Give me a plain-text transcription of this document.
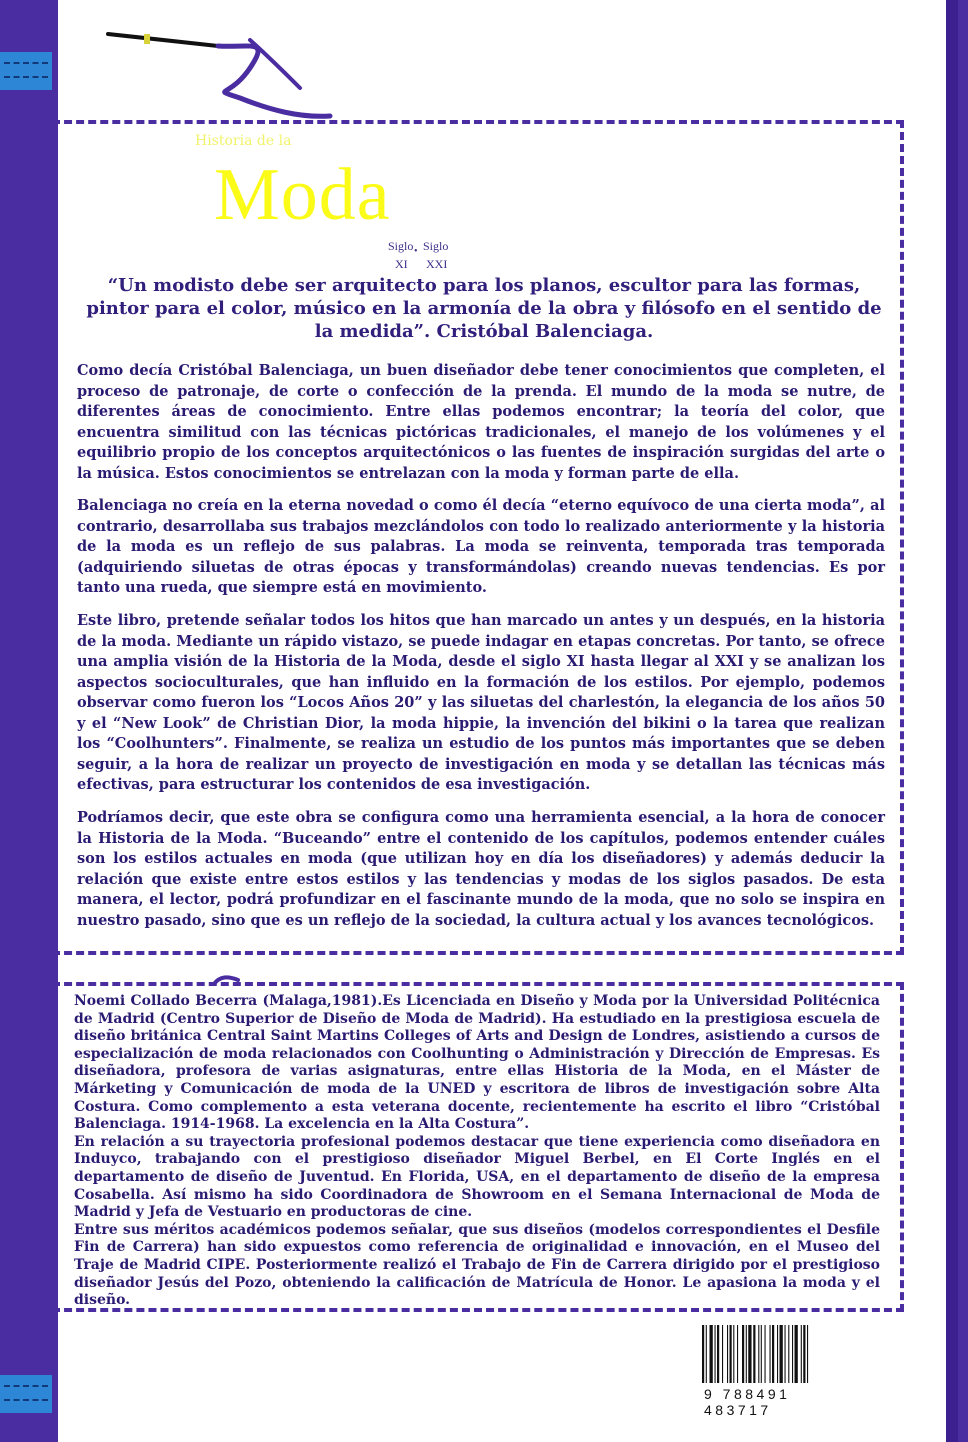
Historia de la
Moda
Siglo
XI
• Siglo
XXI
“Un modisto debe ser arquitecto para los planos, escultor para las formas, pintor para el color, músico en la armonía de la obra y filósofo en el sentido de la medida”. Cristóbal Balenciaga.

Como decía Cristóbal Balenciaga, un buen diseñador debe tener conocimientos que completen, el proceso de patronaje, de corte o confección de la prenda. El mundo de la moda se nutre, de diferentes áreas de conocimiento. Entre ellas podemos encontrar; la teoría del color, que encuentra similitud con las técnicas pictóricas tradicionales, el manejo de los volúmenes y el equilibrio propio de los conceptos arquitectónicos o las fuentes de inspiración surgidas del arte o la música. Estos conocimientos se entrelazan con la moda y forman parte de ella.

Balenciaga no creía en la eterna novedad o como él decía “eterno equívoco de una cierta moda”, al contrario, desarrollaba sus trabajos mezclándolos con todo lo realizado anteriormente y la historia de la moda es un reflejo de sus palabras. La moda se reinventa, temporada tras temporada (adquiriendo siluetas de otras épocas y transformándolas) creando nuevas tendencias. Es por tanto una rueda, que siempre está en movimiento.

Este libro, pretende señalar todos los hitos que han marcado un antes y un después, en la historia de la moda. Mediante un rápido vistazo, se puede indagar en etapas concretas. Por tanto, se ofrece una amplia visión de la Historia de la Moda, desde el siglo XI hasta llegar al XXI y se analizan los aspectos socioculturales, que han influido en la formación de los estilos. Por ejemplo, podemos observar como fueron los “Locos Años 20” y las siluetas del charlestón, la elegancia de los años 50 y el “New Look” de Christian Dior, la moda hippie, la invención del bikini o la tarea que realizan los “Coolhunters”. Finalmente, se realiza un estudio de los puntos más importantes que se deben seguir, a la hora de realizar un proyecto de investigación en moda y se detallan las técnicas más efectivas, para estructurar los contenidos de esa investigación.

Podríamos decir, que este obra se configura como una herramienta esencial, a la hora de conocer la Historia de la Moda. “Buceando” entre el contenido de los capítulos, podemos entender cuáles son los estilos actuales en moda (que utilizan hoy en día los diseñadores) y además deducir la relación que existe entre estos estilos y las tendencias y modas de los siglos pasados. De esta manera, el lector, podrá profundizar en el fascinante mundo de la moda, que no solo se inspira en nuestro pasado, sino que es un reflejo de la sociedad, la cultura actual y los avances tecnológicos.

Noemi Collado Becerra (Malaga,1981).Es Licenciada en Diseño y Moda por la Universidad Politécnica de Madrid (Centro Superior de Diseño de Moda de Madrid). Ha estudiado en la prestigiosa escuela de diseño británica Central Saint Martins Colleges of Arts and Design de Londres, asistiendo a cursos de especialización de moda relacionados con Coolhunting o Administración y Dirección de Empresas. Es diseñadora, profesora de varias asignaturas, entre ellas Historia de la Moda, en el Máster de Márketing y Comunicación de moda de la UNED y escritora de libros de investigación sobre Alta Costura. Como complemento a esta veterana docente, recientemente ha escrito el libro “Cristóbal Balenciaga. 1914-1968. La excelencia en la Alta Costura”.

En relación a su trayectoria profesional podemos destacar que tiene experiencia como diseñadora en Induyco, trabajando con el prestigioso diseñador Miguel Berbel, en El Corte Inglés en el departamento de diseño de Juventud. En Florida, USA, en el departamento de diseño de la empresa Cosabella. Así mismo ha sido Coordinadora de Showroom en el Semana Internacional de Moda de Madrid y Jefa de Vestuario en productoras de cine.

Entre sus méritos académicos podemos señalar, que sus diseños (modelos correspondientes el Desfile Fin de Carrera) han sido expuestos como referencia de originalidad e innovación, en el Museo del Traje de Madrid CIPE. Posteriormente realizó el Trabajo de Fin de Carrera dirigido por el prestigioso diseñador Jesús del Pozo, obteniendo la calificación de Matrícula de Honor. Le apasiona la moda y el diseño.

9 788491 483717
